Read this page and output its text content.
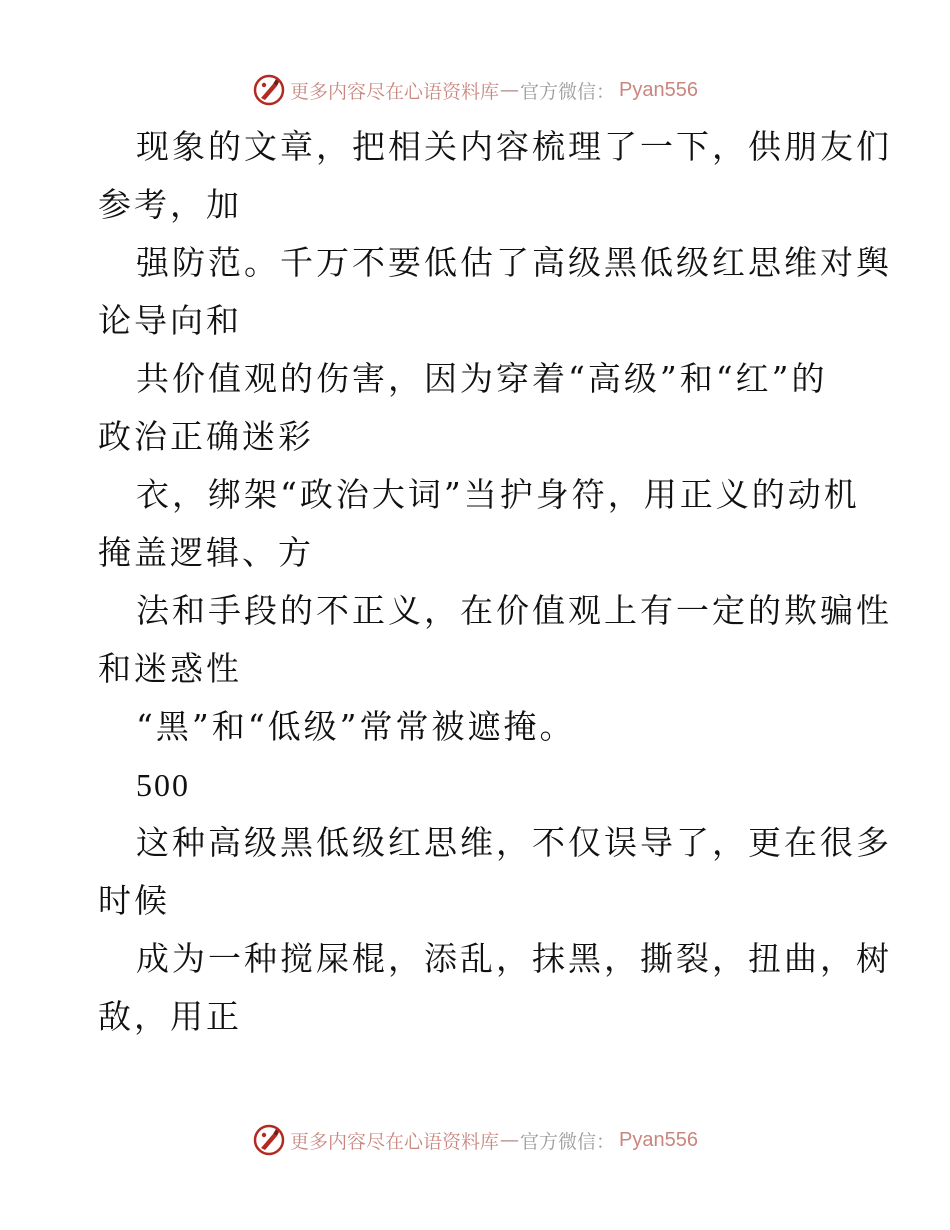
更多内容尽在心语资料库 — 官方微信： Pyan556
现象的文章，把相关内容梳理了一下，供朋友们
参考，加
强防范。千万不要低估了高级黑低级红思维对舆
论导向和
共价值观的伤害，因为穿着“高级”和“红”的
政治正确迷彩
衣，绑架“政治大词”当护身符，用正义的动机
掩盖逻辑、方
法和手段的不正义，在价值观上有一定的欺骗性
和迷惑性
“黑”和“低级”常常被遮掩。
500
这种高级黑低级红思维，不仅误导了，更在很多
时候
成为一种搅屎棍，添乱，抹黑，撕裂，扭曲，树
敌，用正
更多内容尽在心语资料库 — 官方微信： Pyan556
